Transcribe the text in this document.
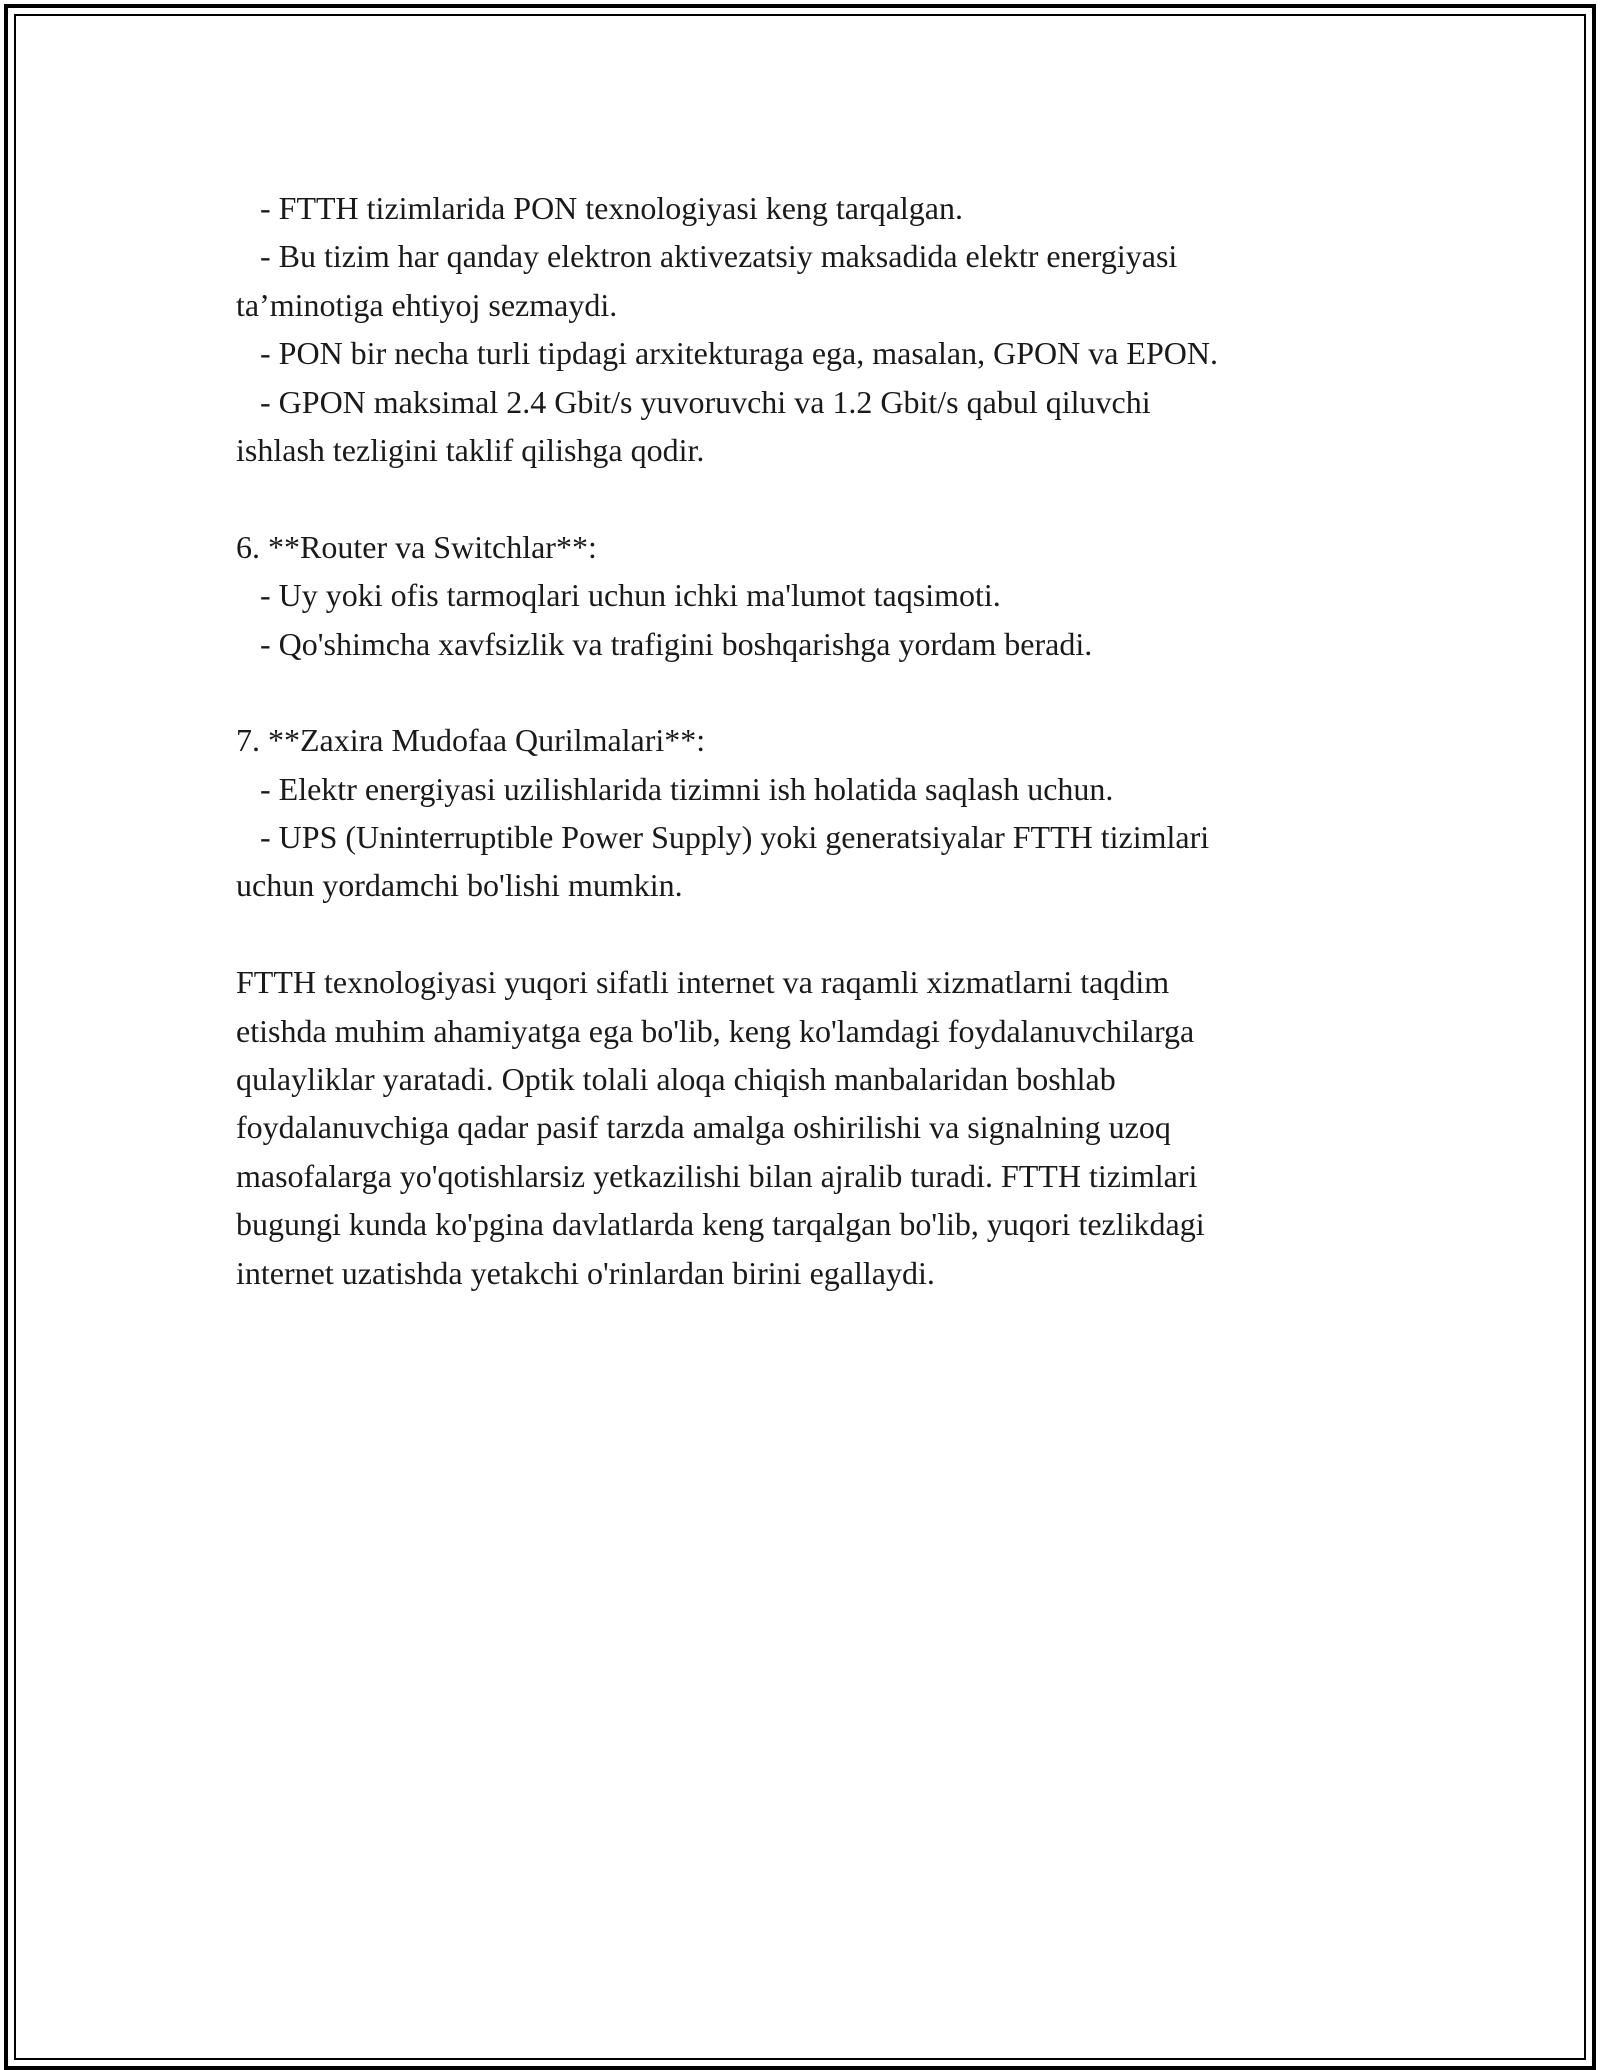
- FTTH tizimlarida PON texnologiyasi keng tarqalgan.
- Bu tizim har qanday elektron aktivezatsiy maksadida elektr energiyasi
ta’minotiga ehtiyoj sezmaydi.
- PON bir necha turli tipdagi arxitekturaga ega, masalan, GPON va EPON.
- GPON maksimal 2.4 Gbit/s yuvoruvchi va 1.2 Gbit/s qabul qiluvchi
ishlash tezligini taklif qilishga qodir.
6. **Router va Switchlar**:
- Uy yoki ofis tarmoqlari uchun ichki ma'lumot taqsimoti.
- Qo'shimcha xavfsizlik va trafigini boshqarishga yordam beradi.
7. **Zaxira Mudofaa Qurilmalari**:
- Elektr energiyasi uzilishlarida tizimni ish holatida saqlash uchun.
- UPS (Uninterruptible Power Supply) yoki generatsiyalar FTTH tizimlari
uchun yordamchi bo'lishi mumkin.
FTTH texnologiyasi yuqori sifatli internet va raqamli xizmatlarni taqdim
etishda muhim ahamiyatga ega bo'lib, keng ko'lamdagi foydalanuvchilarga
qulayliklar yaratadi. Optik tolali aloqa chiqish manbalaridan boshlab
foydalanuvchiga qadar pasif tarzda amalga oshirilishi va signalning uzoq
masofalarga yo'qotishlarsiz yetkazilishi bilan ajralib turadi. FTTH tizimlari
bugungi kunda ko'pgina davlatlarda keng tarqalgan bo'lib, yuqori tezlikdagi
internet uzatishda yetakchi o'rinlardan birini egallaydi.
